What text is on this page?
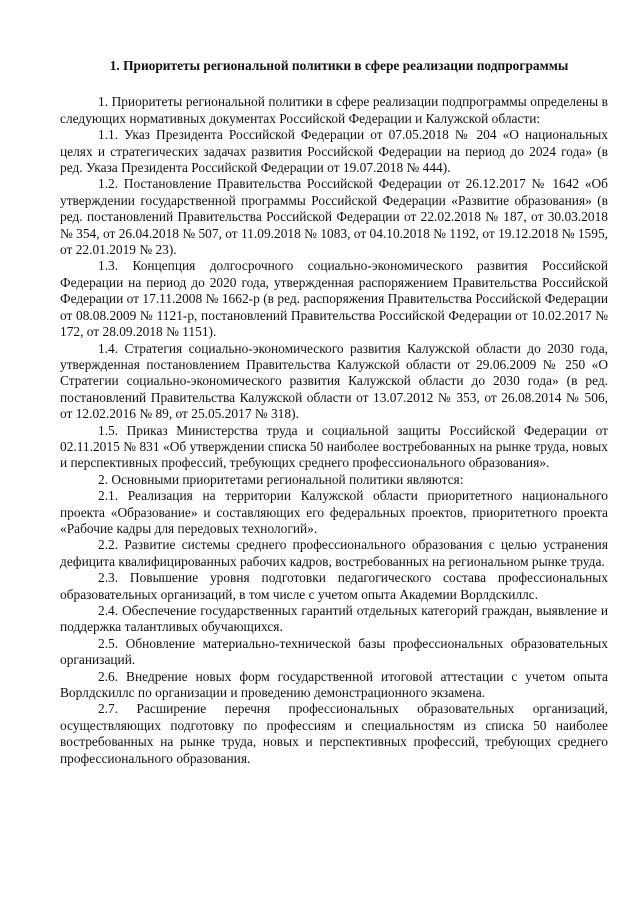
1. Приоритеты региональной политики в сфере реализации подпрограммы

1. Приоритеты региональной политики в сфере реализации подпрограммы определены в следующих нормативных документах Российской Федерации и Калужской области:

1.1. Указ Президента Российской Федерации от 07.05.2018 № 204 «О национальных целях и стратегических задачах развития Российской Федерации на период до 2024 года» (в ред. Указа Президента Российской Федерации от 19.07.2018 № 444).

1.2. Постановление Правительства Российской Федерации от 26.12.2017 № 1642 «Об утверждении государственной программы Российской Федерации «Развитие образования» (в ред. постановлений Правительства Российской Федерации от 22.02.2018 № 187, от 30.03.2018 № 354, от 26.04.2018 № 507, от 11.09.2018 № 1083, от 04.10.2018 № 1192, от 19.12.2018 № 1595, от 22.01.2019 № 23).

1.3. Концепция долгосрочного социально-экономического развития Российской Федерации на период до 2020 года, утвержденная распоряжением Правительства Российской Федерации от 17.11.2008 № 1662-р (в ред. распоряжения Правительства Российской Федерации от 08.08.2009 № 1121-р, постановлений Правительства Российской Федерации от 10.02.2017 № 172, от 28.09.2018 № 1151).

1.4. Стратегия социально-экономического развития Калужской области до 2030 года, утвержденная постановлением Правительства Калужской области от 29.06.2009 № 250 «О Стратегии социально-экономического развития Калужской области до 2030 года» (в ред. постановлений Правительства Калужской области от 13.07.2012 № 353, от 26.08.2014 № 506, от 12.02.2016 № 89, от 25.05.2017 № 318).

1.5. Приказ Министерства труда и социальной защиты Российской Федерации от 02.11.2015 № 831 «Об утверждении списка 50 наиболее востребованных на рынке труда, новых и перспективных профессий, требующих среднего профессионального образования».

2. Основными приоритетами региональной политики являются:

2.1. Реализация на территории Калужской области приоритетного национального проекта «Образование» и составляющих его федеральных проектов, приоритетного проекта «Рабочие кадры для передовых технологий».

2.2. Развитие системы среднего профессионального образования с целью устранения дефицита квалифицированных рабочих кадров, востребованных на региональном рынке труда.

2.3. Повышение уровня подготовки педагогического состава профессиональных образовательных организаций, в том числе с учетом опыта Академии Ворлдскиллс.

2.4. Обеспечение государственных гарантий отдельных категорий граждан, выявление и поддержка талантливых обучающихся.

2.5. Обновление материально-технической базы профессиональных образовательных организаций.

2.6. Внедрение новых форм государственной итоговой аттестации с учетом опыта Ворлдскиллс по организации и проведению демонстрационного экзамена.

2.7. Расширение перечня профессиональных образовательных организаций, осуществляющих подготовку по профессиям и специальностям из списка 50 наиболее востребованных на рынке труда, новых и перспективных профессий, требующих среднего профессионального образования.
